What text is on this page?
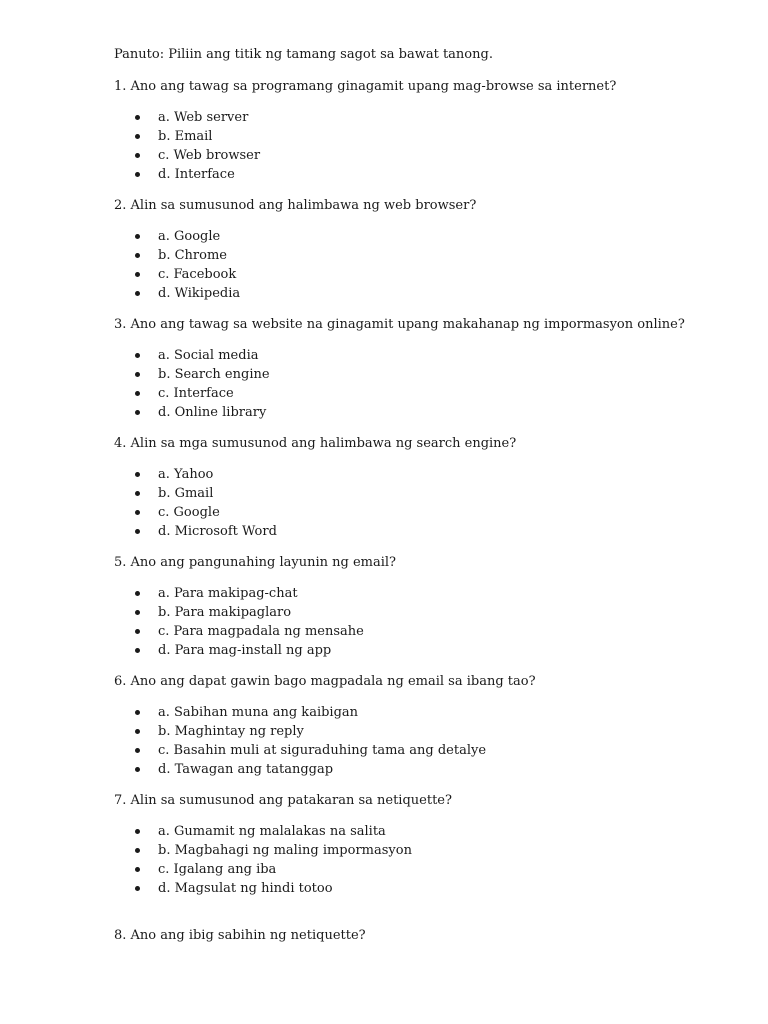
Panuto: Piliin ang titik ng tamang sagot sa bawat tanong.

1. Ano ang tawag sa programang ginagamit upang mag-browse sa internet?

a. Web server
b. Email
c. Web browser
d. Interface

2. Alin sa sumusunod ang halimbawa ng web browser?

a. Google
b. Chrome
c. Facebook
d. Wikipedia

3. Ano ang tawag sa website na ginagamit upang makahanap ng impormasyon online?

a. Social media
b. Search engine
c. Interface
d. Online library

4. Alin sa mga sumusunod ang halimbawa ng search engine?

a. Yahoo
b. Gmail
c. Google
d. Microsoft Word

5. Ano ang pangunahing layunin ng email?

a. Para makipag-chat
b. Para makipaglaro
c. Para magpadala ng mensahe
d. Para mag-install ng app

6. Ano ang dapat gawin bago magpadala ng email sa ibang tao?

a. Sabihan muna ang kaibigan
b. Maghintay ng reply
c. Basahin muli at siguraduhing tama ang detalye
d. Tawagan ang tatanggap

7. Alin sa sumusunod ang patakaran sa netiquette?

a. Gumamit ng malalakas na salita
b. Magbahagi ng maling impormasyon
c. Igalang ang iba
d. Magsulat ng hindi totoo

8. Ano ang ibig sabihin ng netiquette?
